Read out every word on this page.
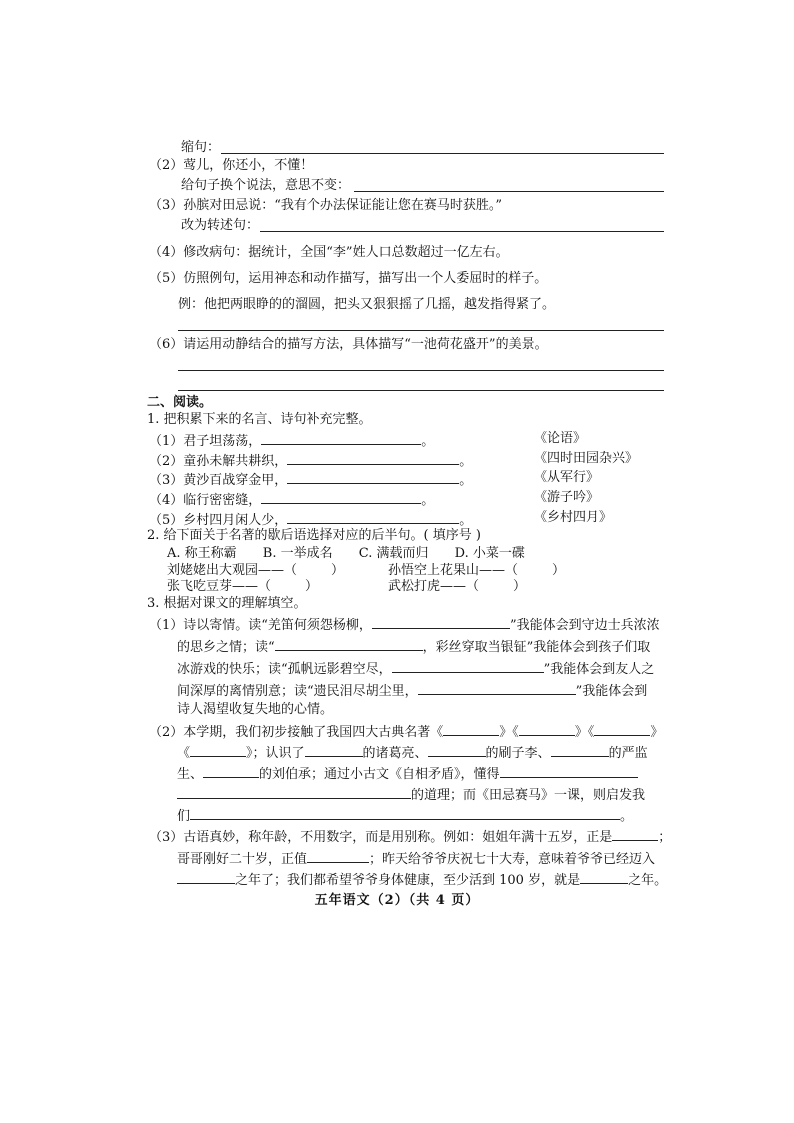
缩句：
（2）莺儿，你还小，不懂！
给句子换个说法，意思不变：
（3）孙膑对田忌说：“我有个办法保证能让您在赛马时获胜。”
改为转述句：
（4）修改病句：据统计，全国“李”姓人口总数超过一亿左右。
（5）仿照例句，运用神态和动作描写，描写出一个人委屈时的样子。
例：他把两眼睁的的溜圆，把头又狠狠摇了几摇，越发指得紧了。
（6）请运用动静结合的描写方法，具体描写“一池荷花盛开”的美景。
二、阅读。
1. 把积累下来的名言、诗句补充完整。
（1）君子坦荡荡，	。	《论语》
（2）童孙未解共耕织，	。	《四时田园杂兴》
（3）黄沙百战穿金甲，	。	《从军行》
（4）临行密密缝，	。	《游子吟》
（5）乡村四月闲人少，	。	《乡村四月》
2. 给下面关于名著的歇后语选择对应的后半句。( 填序号 )
A. 称王称霸 B. 一举成名 C. 满载而归 D. 小菜一碟
刘姥姥出大观园——（	）	孙悟空上花果山——（	）
张飞吃豆芽——（	）	武松打虎——（	）
3. 根据对课文的理解填空。
（1）诗以寄情。读“羌笛何须怨杨柳，	”我能体会到守边士兵浓浓
的思乡之情；读“	，彩丝穿取当银钲”我能体会到孩子们取
冰游戏的快乐；读“孤帆远影碧空尽，	”我能体会到友人之
间深厚的离情别意；读“遗民泪尽胡尘里，	”我能体会到
诗人渴望收复失地的心情。
（2）本学期，我们初步接触了我国四大古典名著《	》《	》《	》
《	》；认识了	的诸葛亮、	的刷子李、	的严监
生、	的刘伯承；通过小古文《自相矛盾》，懂得
的道理；而《田忌赛马》一课，则启发我
们	。
（3）古语真妙，称年龄，不用数字，而是用别称。例如：姐姐年满十五岁，正是	；
哥哥刚好二十岁，正值	；昨天给爷爷庆祝七十大寿，意味着爷爷已经迈入
之年了；我们都希望爷爷身体健康，至少活到 100 岁，就是	之年。
五年语文（2）（共 4 页）
